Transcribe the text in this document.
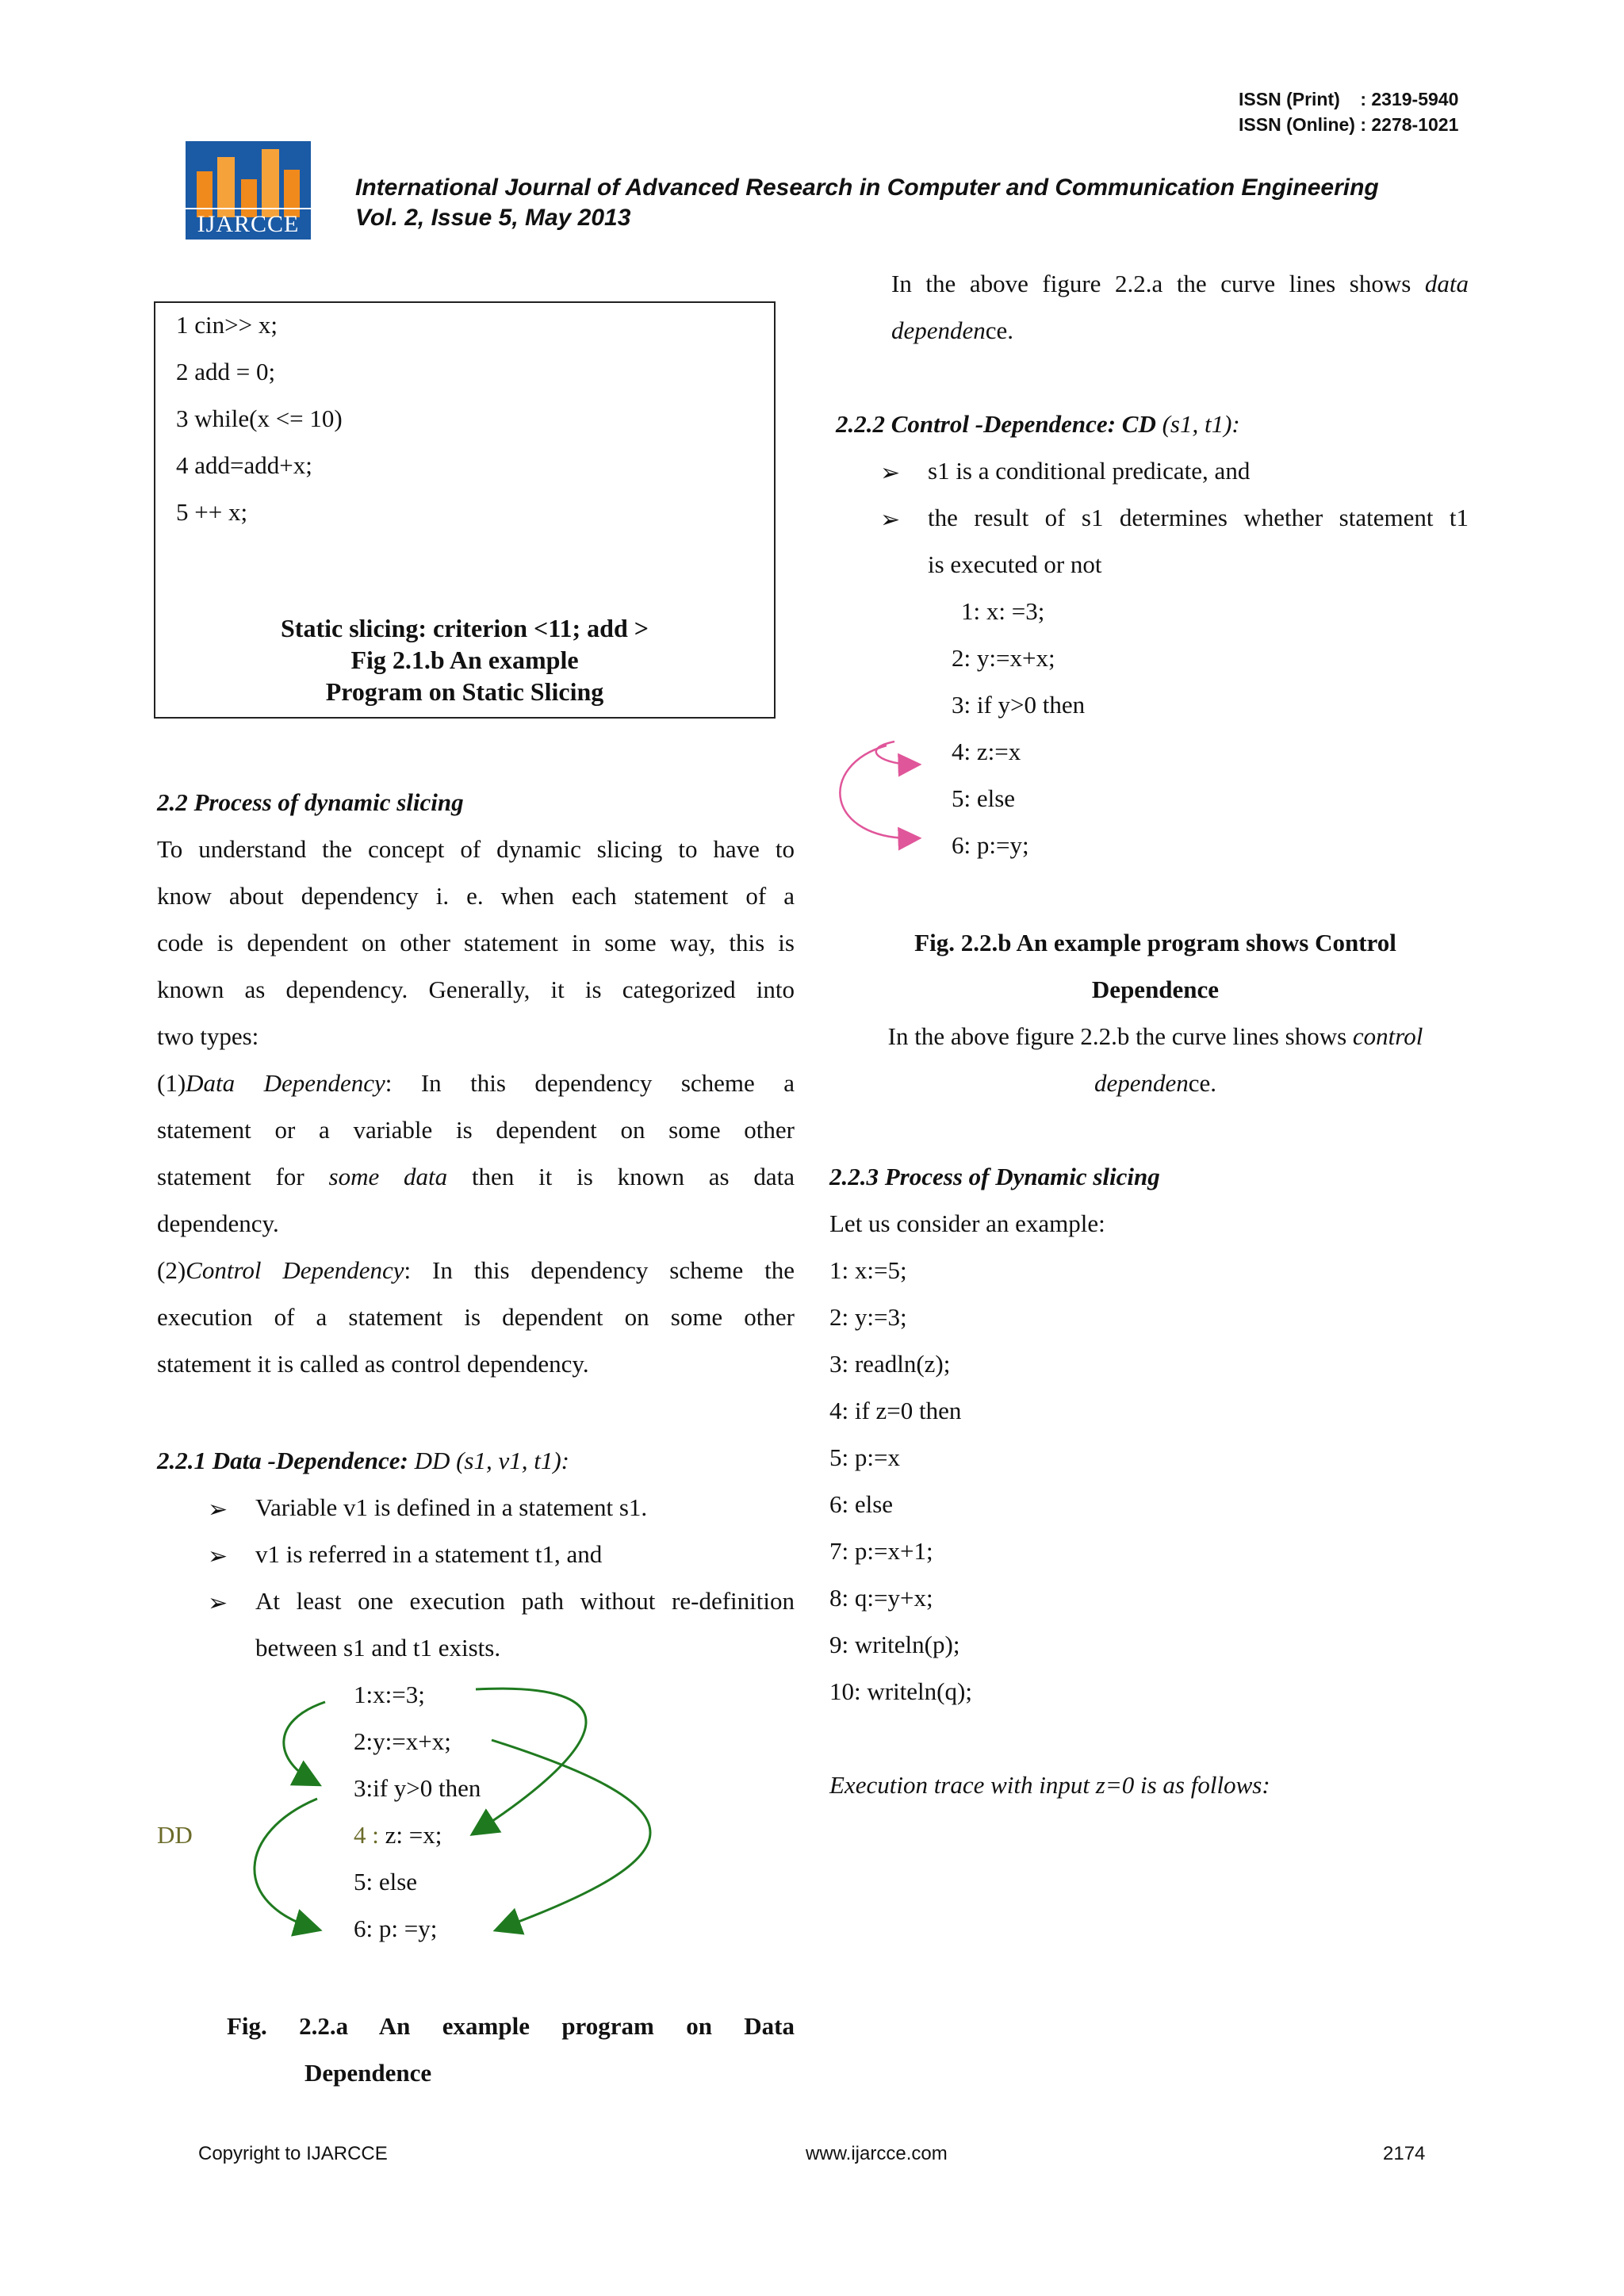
ISSN (Print)    : 2319-5940
ISSN (Online) : 2278-1021
IJARCCE
International Journal of Advanced Research in Computer and Communication Engineering
Vol. 2, Issue 5, May 2013
1 cin>> x;
2 add = 0;
3 while(x <= 10)
4 add=add+x;
5 ++ x;
Static slicing: criterion <11; add >
Fig 2.1.b An example
Program on Static Slicing
2.2 Process of dynamic slicing
To understand the concept of dynamic slicing to have to
know about dependency i. e. when each statement of a
code is dependent on other statement in some way, this is
known as dependency. Generally, it is categorized into
two types:
(1)Data Dependency: In this dependency scheme a
statement or a variable is dependent on some other
statement for some data then it is known as data
dependency.
(2)Control Dependency: In this dependency scheme the
execution of a statement is dependent on some other
statement it is called as control dependency.
2.2.1 Data -Dependence: DD (s1, v1, t1):
➢ Variable v1 is defined in a statement s1.
➢ v1 is referred in a statement t1, and
➢ At least one execution path without re-definition
between s1 and t1 exists.
1:x:=3;
2:y:=x+x;
3:if y>0 then
DD	4 : z: =x;
5: else
6: p: =y;
Fig. 2.2.a An example program on Data
Dependence
In the above figure 2.2.a the curve lines shows data
dependence.
2.2.2 Control -Dependence: CD (s1, t1):
➢ s1 is a conditional predicate, and
➢ the result of s1 determines whether statement t1
is executed or not
1: x: =3;
2: y:=x+x;
3: if y>0 then
4: z:=x
5: else
6: p:=y;
Fig. 2.2.b An example program shows Control
Dependence
In the above figure 2.2.b the curve lines shows control
dependence.
2.2.3 Process of Dynamic slicing
Let us consider an example:
1: x:=5;
2: y:=3;
3: readln(z);
4: if z=0 then
5: p:=x
6: else
7: p:=x+1;
8: q:=y+x;
9: writeln(p);
10: writeln(q);
Execution trace with input z=0 is as follows:
Copyright to IJARCCE	www.ijarcce.com	2174
